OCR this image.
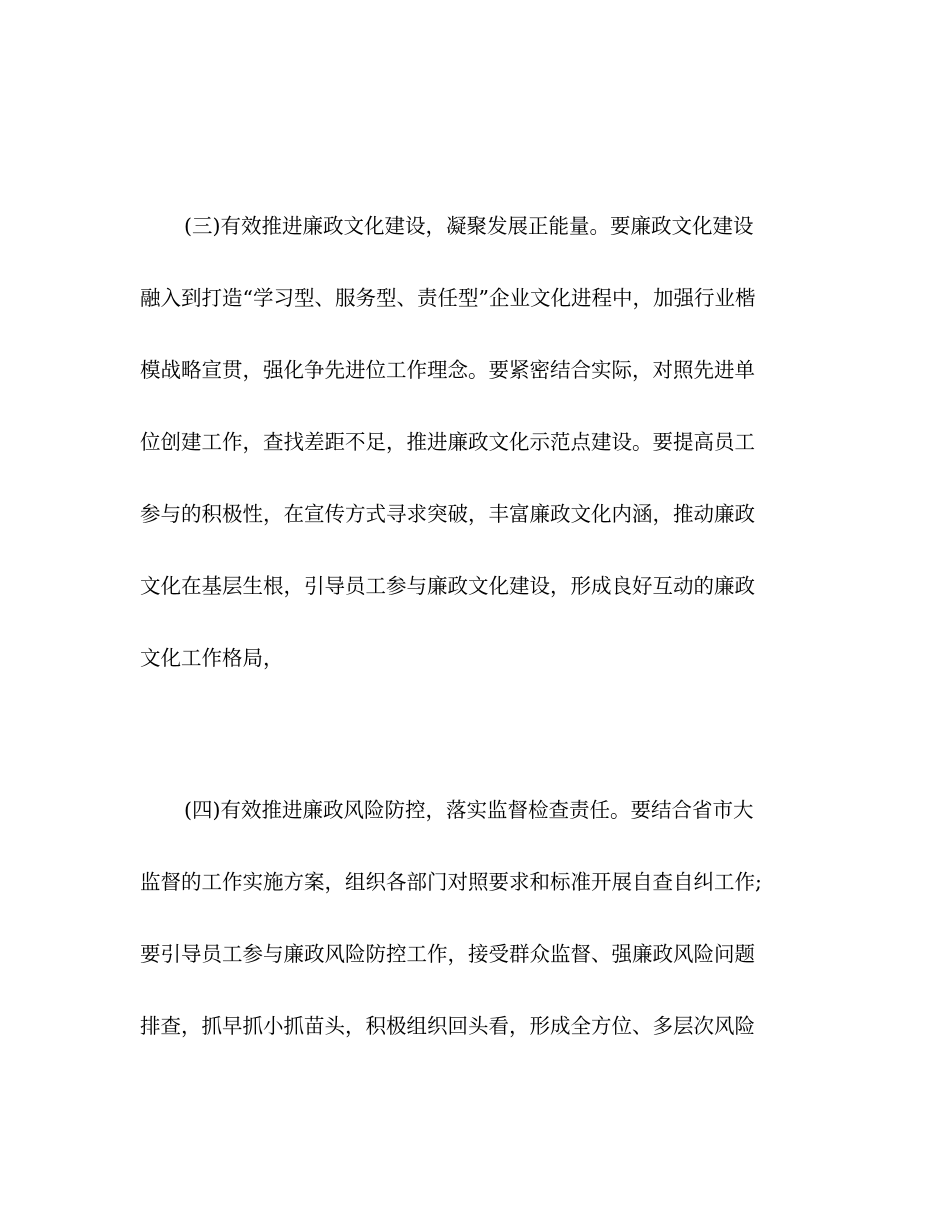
(三)有效推进廉政文化建设，凝聚发展正能量。要廉政文化建设
融入到打造“学习型、服务型、责任型”企业文化进程中，加强行业楷
模战略宣贯，强化争先进位工作理念。要紧密结合实际，对照先进单
位创建工作，查找差距不足，推进廉政文化示范点建设。要提高员工
参与的积极性，在宣传方式寻求突破，丰富廉政文化内涵，推动廉政
文化在基层生根，引导员工参与廉政文化建设，形成良好互动的廉政
文化工作格局，
(四)有效推进廉政风险防控，落实监督检查责任。要结合省市大
监督的工作实施方案，组织各部门对照要求和标准开展自查自纠工作;
要引导员工参与廉政风险防控工作，接受群众监督、强廉政风险问题
排查，抓早抓小抓苗头，积极组织回头看，形成全方位、多层次风险
